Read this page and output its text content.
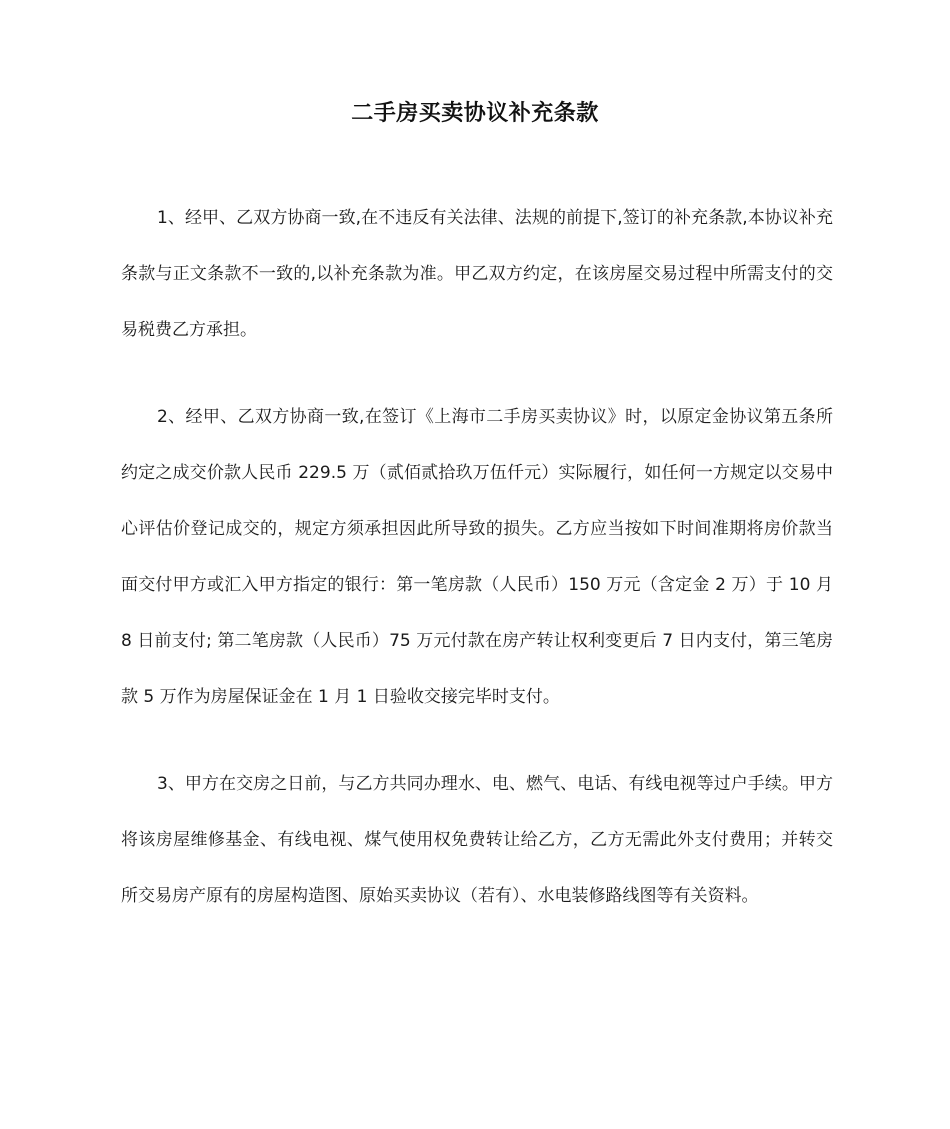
二手房买卖协议补充条款

1、经甲、乙双方协商一致,在不违反有关法律、法规的前提下,签订的补充条款,本协议补充条款与正文条款不一致的,以补充条款为准。甲乙双方约定，在该房屋交易过程中所需支付的交易税费乙方承担。

2、经甲、乙双方协商一致,在签订《上海市二手房买卖协议》时，以原定金协议第五条所约定之成交价款人民币 229.5 万（贰佰贰拾玖万伍仟元）实际履行，如任何一方规定以交易中心评估价登记成交的，规定方须承担因此所导致的损失。乙方应当按如下时间准期将房价款当面交付甲方或汇入甲方指定的银行：第一笔房款（人民币）150 万元（含定金 2 万）于 10 月 8 日前支付; 第二笔房款（人民币）75 万元付款在房产转让权利变更后 7 日内支付，第三笔房款 5 万作为房屋保证金在 1 月 1 日验收交接完毕时支付。

3、甲方在交房之日前，与乙方共同办理水、电、燃气、电话、有线电视等过户手续。甲方将该房屋维修基金、有线电视、煤气使用权免费转让给乙方，乙方无需此外支付费用；并转交所交易房产原有的房屋构造图、原始买卖协议（若有）、水电装修路线图等有关资料。
